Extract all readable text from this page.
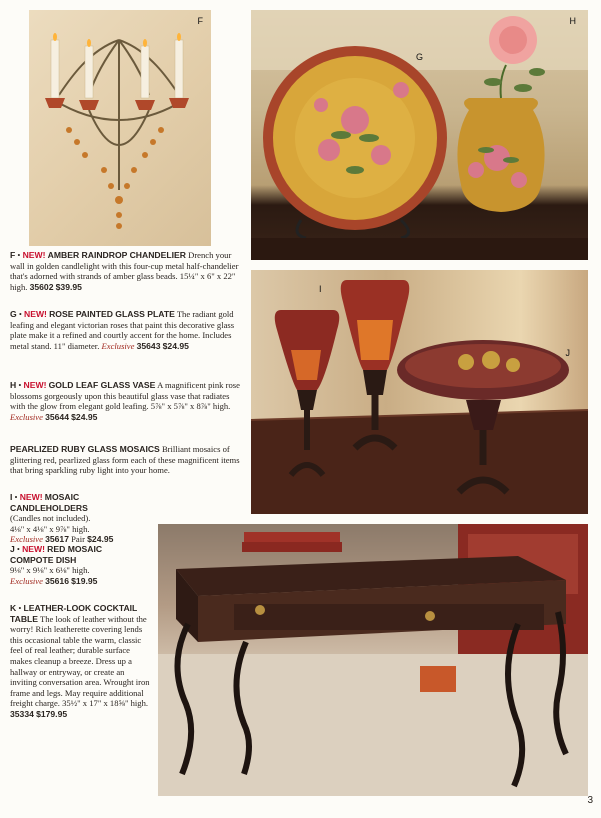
F
G
H
I
J
F • NEW! AMBER RAINDROP CHANDELIER Drench your wall in golden candlelight with this four-cup metal half-chandelier that's adorned with strands of amber glass beads. 15¼" x 6" x 22" high. 35602 $39.95
G • NEW! ROSE PAINTED GLASS PLATE The radiant gold leafing and elegant victorian roses that paint this decorative glass plate make it a refined and courtly accent for the home. Includes metal stand. 11" diameter. Exclusive 35643 $24.95
H • NEW! GOLD LEAF GLASS VASE A magnificent pink rose blossoms gorgeously upon this beautiful glass vase that radiates with the glow from elegant gold leafing. 5⅞" x 5⅞" x 8⅞" high. Exclusive 35644 $24.95
PEARLIZED RUBY GLASS MOSAICS Brilliant mosaics of glittering red, pearlized glass form each of these magnificent items that bring sparkling ruby light into your home.
I • NEW! MOSAIC CANDLEHOLDERS
(Candles not included).
4⅛" x 4⅛" x 9⅞" high.
Exclusive 35617 Pair $24.95
J • NEW! RED MOSAIC
COMPOTE DISH
9⅛" x 9⅛" x 6⅛" high.
Exclusive 35616 $19.95
K • LEATHER-LOOK COCKTAIL
TABLE The look of leather without the worry! Rich leatherette covering lends this occasional table the warm, classic feel of real leather; durable surface makes cleanup a breeze. Dress up a hallway or entryway, or create an inviting conversation area. Wrought iron frame and legs. May require additional freight charge. 35½" x 17" x 18⅝" high. 35334 $179.95
3
